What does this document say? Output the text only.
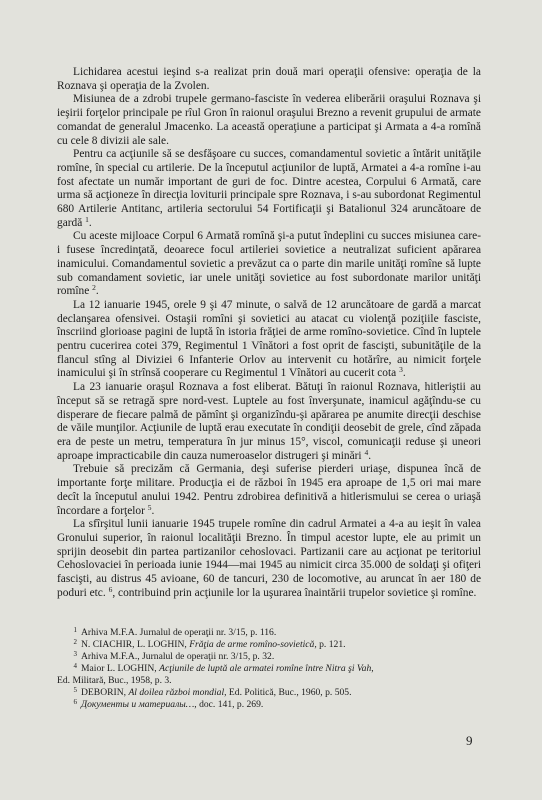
Lichidarea acestui ieşind s-a realizat prin două mari operaţii ofensive: operaţia de la Roznava şi operaţia de la Zvolen.

Misiunea de a zdrobi trupele germano-fasciste în vederea eliberării oraşului Roznava şi ieşirii forţelor principale pe rîul Gron în raionul oraşului Brezno a revenit grupului de armate comandat de generalul Jmacenko. La această operaţiune a participat şi Armata a 4-a romînă cu cele 8 divizii ale sale.

Pentru ca acţiunile să se desfăşoare cu succes, comandamentul sovietic a întărit unităţile romîne, în special cu artilerie. De la începutul acţiunilor de luptă, Armatei a 4-a romîne i-au fost afectate un număr important de guri de foc. Dintre acestea, Corpului 6 Armată, care urma să acţioneze în direcţia loviturii principale spre Roznava, i s-au subordonat Regimentul 680 Artilerie Antitanc, artileria sectorului 54 Fortificaţii şi Batalionul 324 aruncătoare de gardă $^1$.

Cu aceste mijloace Corpul 6 Armată romînă şi-a putut îndeplini cu succes misiunea care-i fusese încredinţată, deoarece focul artileriei sovietice a neutralizat suficient apărarea inamicului. Comandamentul sovietic a prevăzut ca o parte din marile unităţi romîne să lupte sub comandament sovietic, iar unele unităţi sovietice au fost subordonate marilor unităţi romîne $^2$.

La 12 ianuarie 1945, orele 9 şi 47 minute, o salvă de 12 aruncătoare de gardă a marcat declanşarea ofensivei. Ostaşii romîni şi sovietici au atacat cu violenţă poziţiile fasciste, înscriind glorioase pagini de luptă în istoria frăţiei de arme romîno-sovietice. Cînd în luptele pentru cucerirea cotei 379, Regimentul 1 Vînători a fost oprit de fascişti, subunităţile de la flancul stîng al Diviziei 6 Infanterie Orlov au intervenit cu hotărîre, au nimicit forţele inamicului şi în strînsă cooperare cu Regimentul 1 Vînători au cucerit cota $^3$.

La 23 ianuarie oraşul Roznava a fost eliberat. Bătuţi în raionul Roznava, hitleriştii au început să se retragă spre nord-vest. Luptele au fost înverşunate, inamicul agăţîndu-se cu disperare de fiecare palmă de pămînt şi organizîndu-şi apărarea pe anumite direcţii deschise de văile munţilor. Acţiunile de luptă erau executate în condiţii deosebit de grele, cînd zăpada era de peste un metru, temperatura în jur minus 15°, viscol, comunicaţii reduse şi uneori aproape impracticabile din cauza numeroaselor distrugeri şi minări $^4$.

Trebuie să precizăm că Germania, deşi suferise pierderi uriaşe, dispunea încă de importante forţe militare. Producţia ei de război în 1945 era aproape de 1,5 ori mai mare decît la începutul anului 1942. Pentru zdrobirea definitivă a hitlerismului se cerea o uriaşă încordare a forţelor $^5$.

La sfîrşitul lunii ianuarie 1945 trupele romîne din cadrul Armatei a 4-a au ieşit în valea Gronului superior, în raionul localităţii Brezno. În timpul acestor lupte, ele au primit un sprijin deosebit din partea partizanilor cehoslovaci. Partizanii care au acţionat pe teritoriul Cehoslovaciei în perioada iunie 1944—mai 1945 au nimicit circa 35.000 de soldaţi şi ofiţeri fascişti, au distrus 45 avioane, 60 de tancuri, 230 de locomotive, au aruncat în aer 180 de poduri etc. $^6$, contribuind prin acţiunile lor la uşurarea înaintării trupelor sovietice şi romîne.

1 Arhiva M.F.A. Jurnalul de operaţii nr. 3/15, p. 116.

2 N. CIACHIR, L. LOGHIN, Frăţia de arme romîno-sovietică, p. 121.

3 Arhiva M.F.A., Jurnalul de operaţii nr. 3/15, p. 32.

4 Maior L. LOGHIN, Acţiunile de luptă ale armatei romîne între Nitra şi Vah,

Ed. Militară, Buc., 1958, p. 3.

5 DEBORIN, Al doilea război mondial, Ed. Politică, Buc., 1960, p. 505.

6 Документы и материалы…, doc. 141, p. 269.

9
